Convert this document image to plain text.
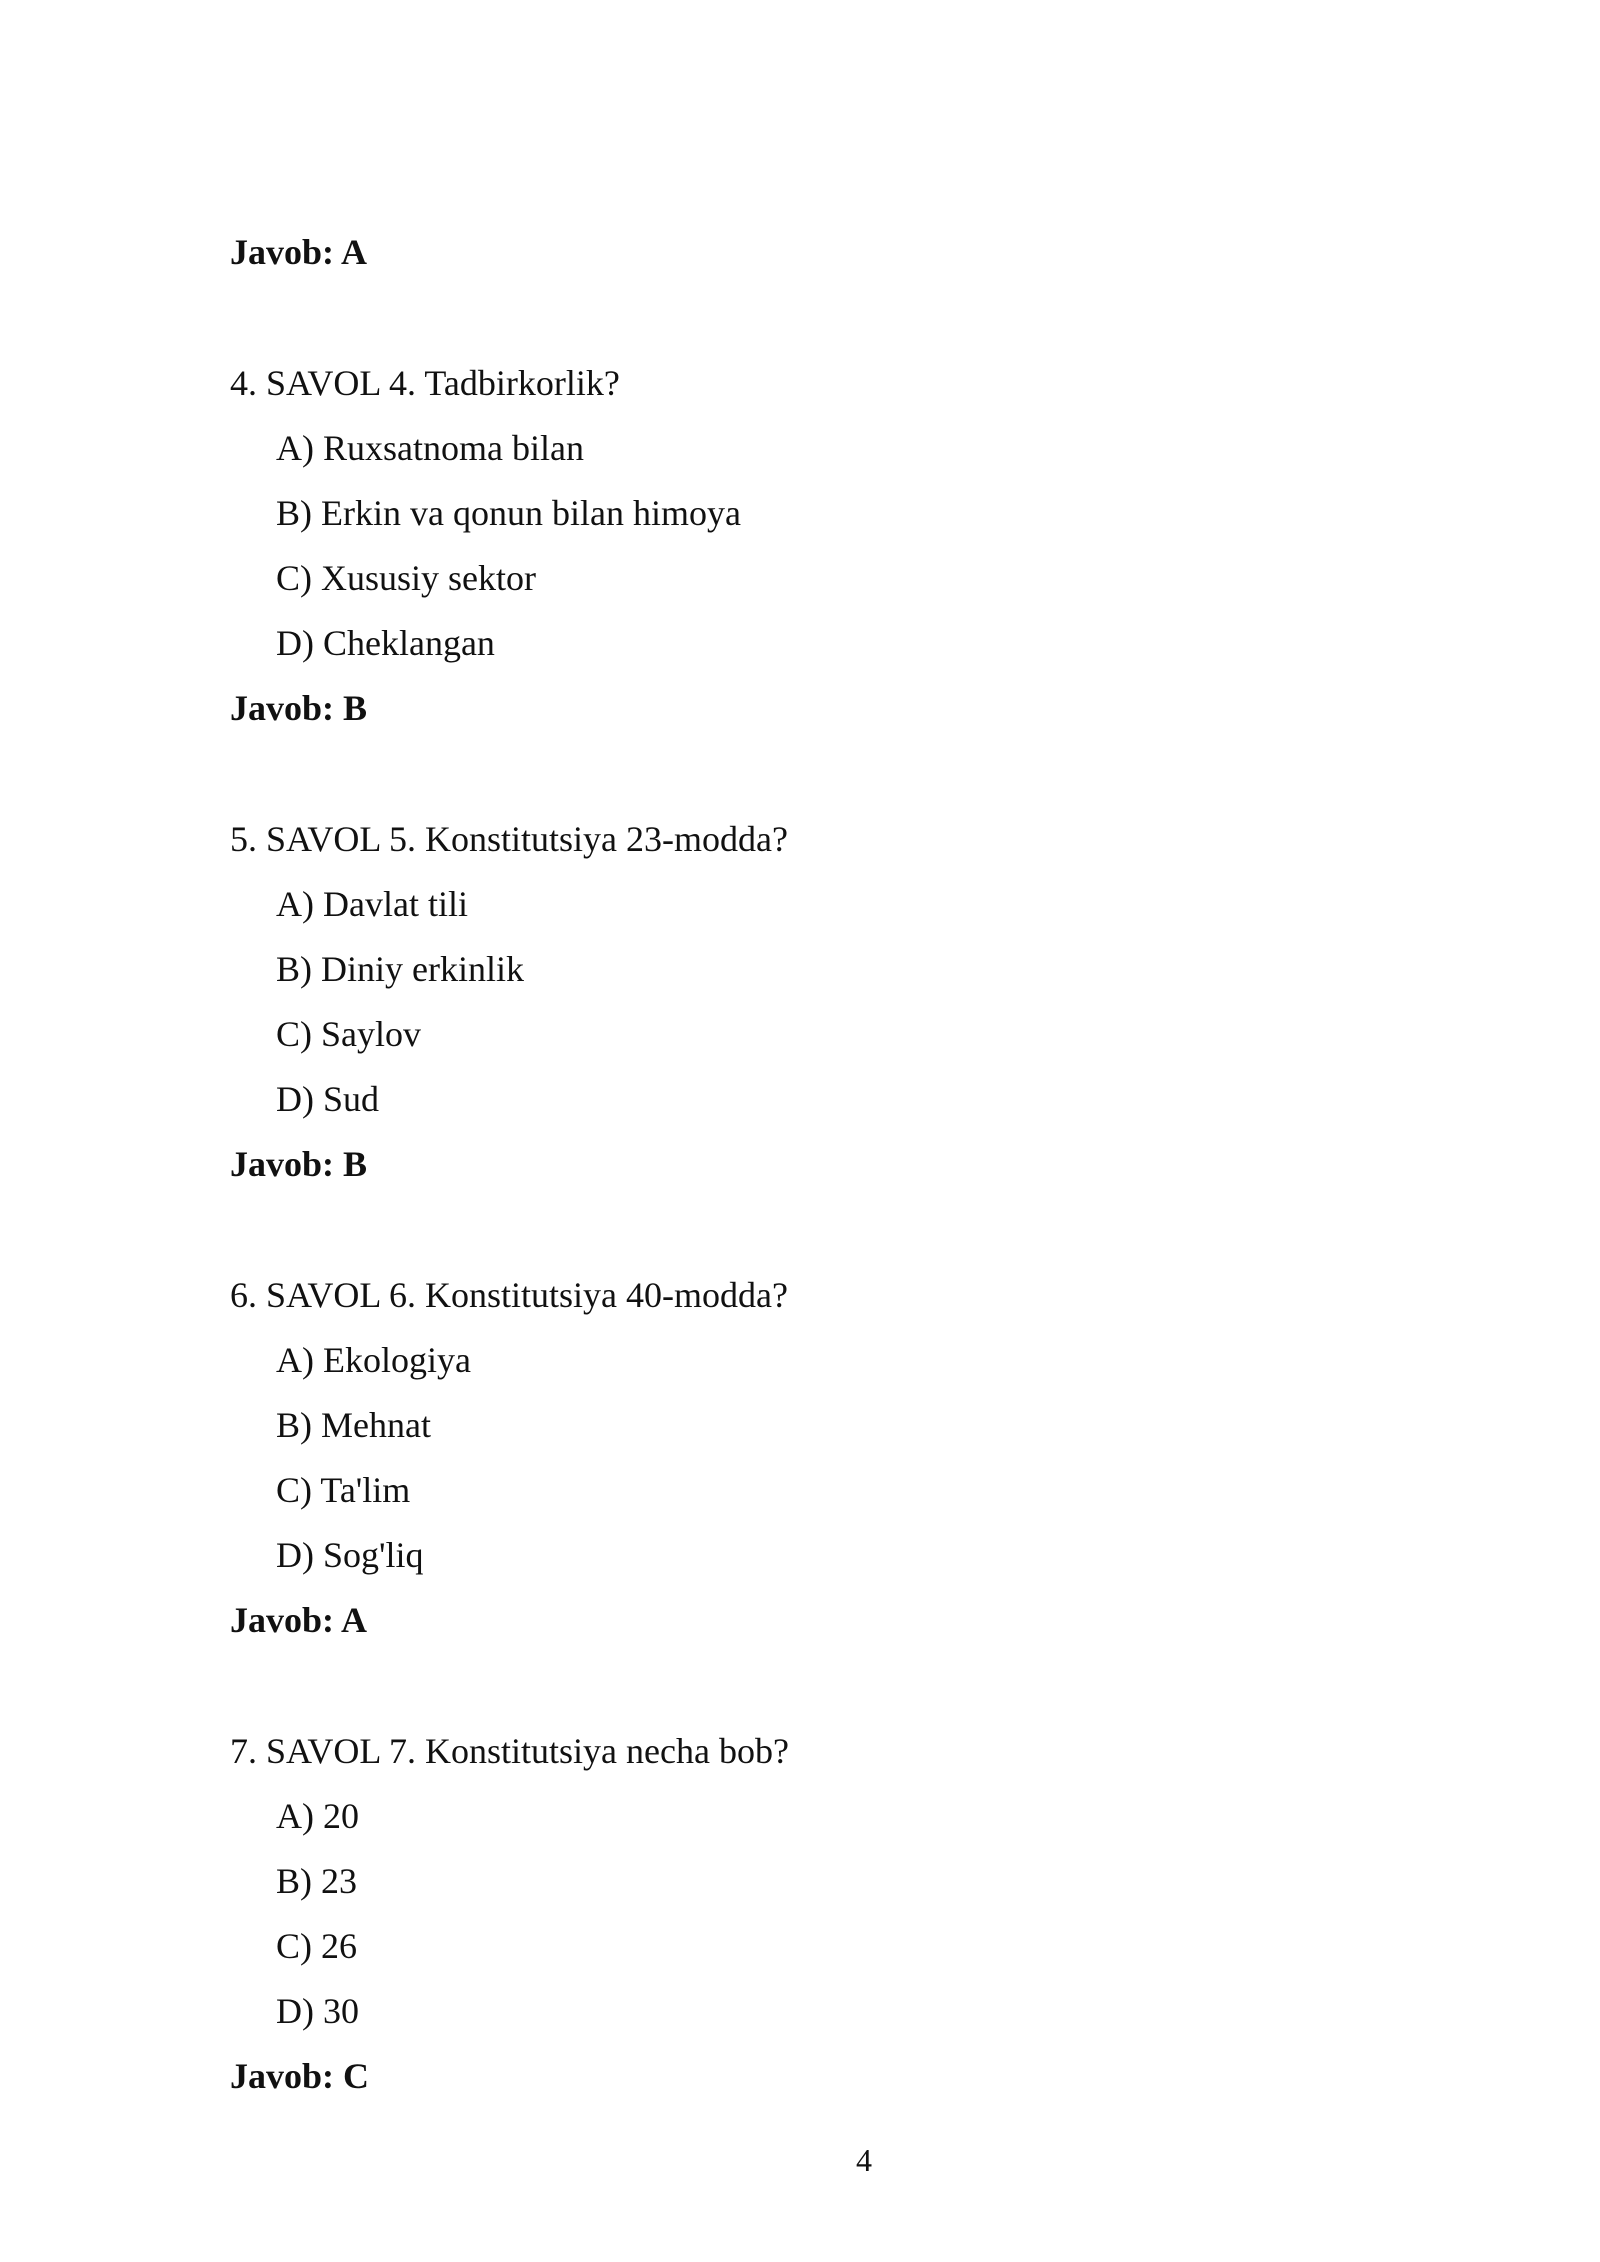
Javob: A
4. SAVOL 4. Tadbirkorlik?
A) Ruxsatnoma bilan
B) Erkin va qonun bilan himoya
C) Xususiy sektor
D) Cheklangan
Javob: B
5. SAVOL 5. Konstitutsiya 23-modda?
A) Davlat tili
B) Diniy erkinlik
C) Saylov
D) Sud
Javob: B
6. SAVOL 6. Konstitutsiya 40-modda?
A) Ekologiya
B) Mehnat
C) Ta'lim
D) Sog'liq
Javob: A
7. SAVOL 7. Konstitutsiya necha bob?
A) 20
B) 23
C) 26
D) 30
Javob: C
4
